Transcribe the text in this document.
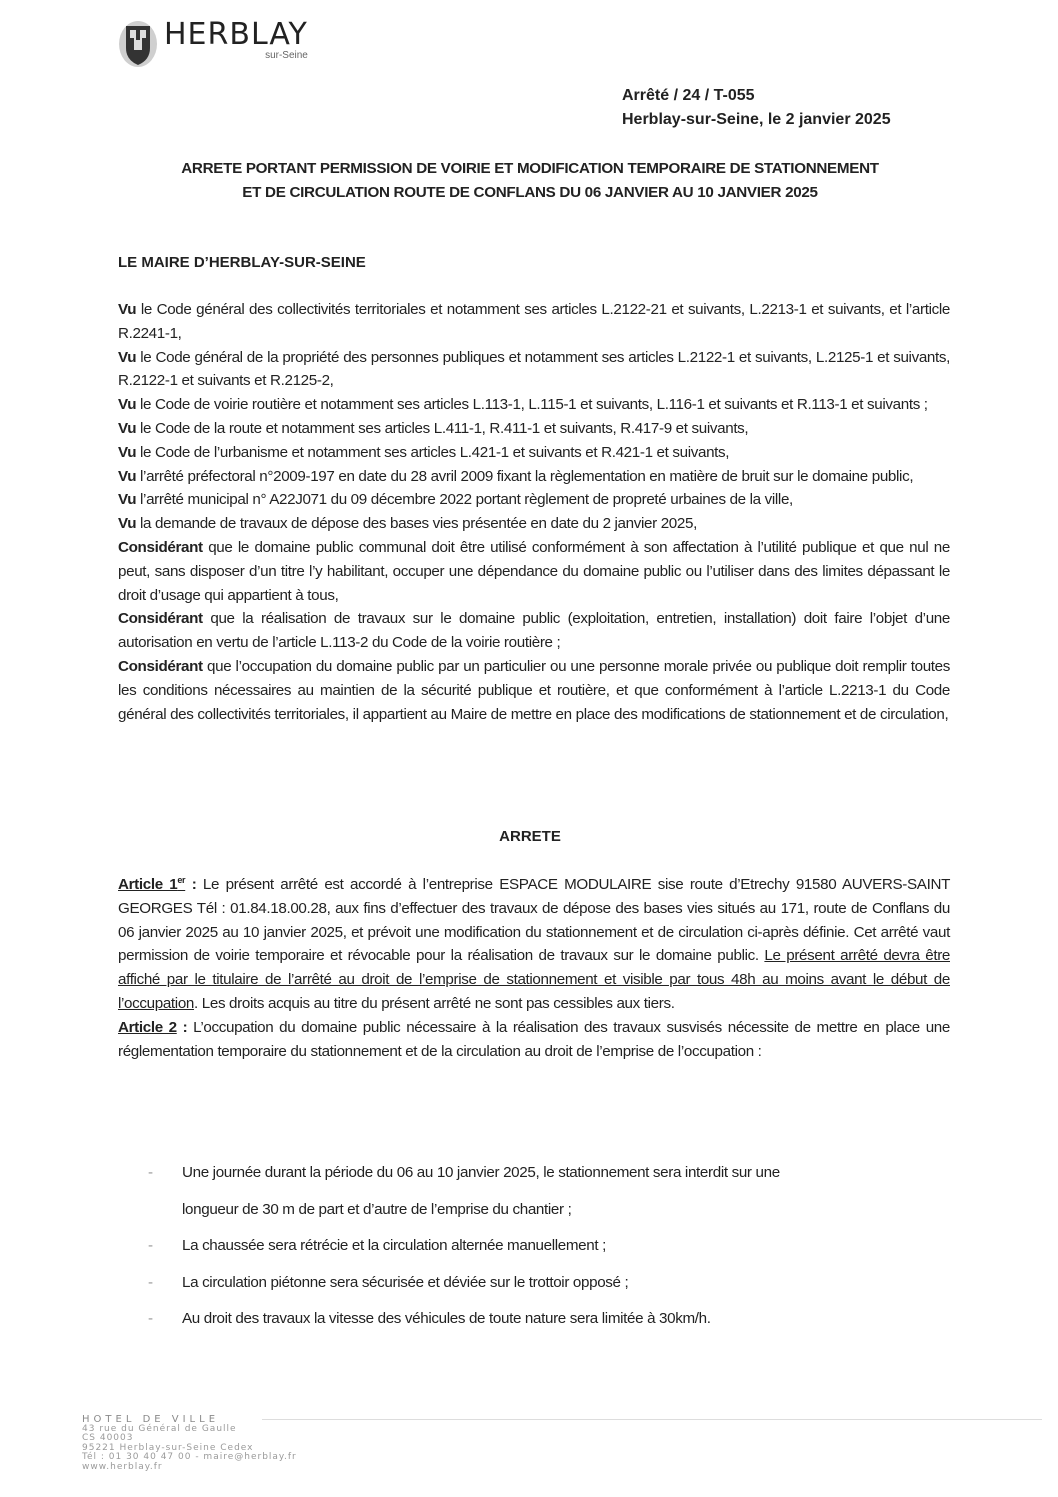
HERBLAY
sur-Seine
Arrêté / 24 / T-055
Herblay-sur-Seine, le 2 janvier 2025
ARRETE PORTANT PERMISSION DE VOIRIE ET MODIFICATION TEMPORAIRE DE STATIONNEMENT
ET DE CIRCULATION ROUTE DE CONFLANS DU 06 JANVIER AU 10 JANVIER 2025
LE MAIRE D’HERBLAY-SUR-SEINE

Vu le Code général des collectivités territoriales et notamment ses articles L.2122-21 et suivants, L.2213-1 et suivants, et l’article R.2241-1,

Vu le Code général de la propriété des personnes publiques et notamment ses articles L.2122-1 et suivants, L.2125-1 et suivants, R.2122-1 et suivants et R.2125-2,

Vu le Code de voirie routière et notamment ses articles L.113-1, L.115-1 et suivants, L.116-1 et suivants et R.113-1 et suivants ;

Vu le Code de la route et notamment ses articles L.411-1, R.411-1 et suivants, R.417-9 et suivants,

Vu le Code de l’urbanisme et notamment ses articles L.421-1 et suivants et R.421-1 et suivants,

Vu l’arrêté préfectoral n°2009-197 en date du 28 avril 2009 fixant la règlementation en matière de bruit sur le domaine public,

Vu l’arrêté municipal n° A22J071 du 09 décembre 2022 portant règlement de propreté urbaines de la ville,

Vu la demande de travaux de dépose des bases vies présentée en date du 2 janvier 2025,

Considérant que le domaine public communal doit être utilisé conformément à son affectation à l’utilité publique et que nul ne peut, sans disposer d’un titre l’y habilitant, occuper une dépendance du domaine public ou l’utiliser dans des limites dépassant le droit d’usage qui appartient à tous,

Considérant que la réalisation de travaux sur le domaine public (exploitation, entretien, installation) doit faire l’objet d’une autorisation en vertu de l’article L.113-2 du Code de la voirie routière ;

Considérant que l’occupation du domaine public par un particulier ou une personne morale privée ou publique doit remplir toutes les conditions nécessaires au maintien de la sécurité publique et routière, et que conformément à l’article L.2213-1 du Code général des collectivités territoriales, il appartient au Maire de mettre en place des modifications de stationnement et de circulation,

ARRETE

Article 1er : Le présent arrêté est accordé à l’entreprise ESPACE MODULAIRE sise route d’Etrechy 91580 AUVERS-SAINT GEORGES Tél : 01.84.18.00.28, aux fins d’effectuer des travaux de dépose des bases vies situés au 171, route de Conflans du 06 janvier 2025 au 10 janvier 2025, et prévoit une modification du stationnement et de circulation ci-après définie. Cet arrêté vaut permission de voirie temporaire et révocable pour la réalisation de travaux sur le domaine public. Le présent arrêté devra être affiché par le titulaire de l’arrêté au droit de l’emprise de stationnement et visible par tous 48h au moins avant le début de l’occupation. Les droits acquis au titre du présent arrêté ne sont pas cessibles aux tiers.

Article 2 : L’occupation du domaine public nécessaire à la réalisation des travaux susvisés nécessite de mettre en place une réglementation temporaire du stationnement et de la circulation au droit de l’emprise de l’occupation :

-	Une journée durant la période du 06 au 10 janvier 2025, le stationnement sera interdit sur une
longueur de 30 m de part et d’autre de l’emprise du chantier ;
-	La chaussée sera rétrécie et la circulation alternée manuellement ;
-	La circulation piétonne sera sécurisée et déviée sur le trottoir opposé ;
-	Au droit des travaux la vitesse des véhicules de toute nature sera limitée à 30km/h.
HOTEL DE VILLE
43 rue du Général de Gaulle
CS 40003
95221 Herblay-sur-Seine Cedex
Tél : 01 30 40 47 00 - maire@herblay.fr
www.herblay.fr
